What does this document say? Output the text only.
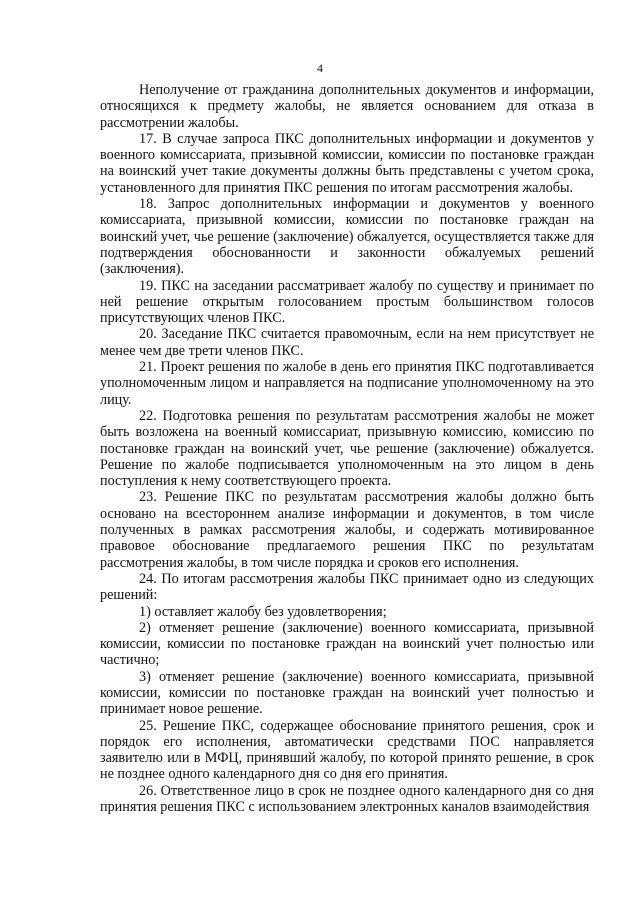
4

Неполучение от гражданина дополнительных документов и информации, относящихся к предмету жалобы, не является основанием для отказа в рассмотрении жалобы.

17. В случае запроса ПКС дополнительных информации и документов у военного комиссариата, призывной комиссии, комиссии по постановке граждан на воинский учет такие документы должны быть представлены с учетом срока, установленного для принятия ПКС решения по итогам рассмотрения жалобы.

18. Запрос дополнительных информации и документов у военного комиссариата, призывной комиссии, комиссии по постановке граждан на воинский учет, чье решение (заключение) обжалуется, осуществляется также для подтверждения обоснованности и законности обжалуемых решений (заключения).

19. ПКС на заседании рассматривает жалобу по существу и принимает по ней решение открытым голосованием простым большинством голосов присутствующих членов ПКС.

20. Заседание ПКС считается правомочным, если на нем присутствует не менее чем две трети членов ПКС.

21. Проект решения по жалобе в день его принятия ПКС подготавливается уполномоченным лицом и направляется на подписание уполномоченному на это лицу.

22. Подготовка решения по результатам рассмотрения жалобы не может быть возложена на военный комиссариат, призывную комиссию, комиссию по постановке граждан на воинский учет, чье решение (заключение) обжалуется. Решение по жалобе подписывается уполномоченным на это лицом в день поступления к нему соответствующего проекта.

23. Решение ПКС по результатам рассмотрения жалобы должно быть основано на всестороннем анализе информации и документов, в том числе полученных в рамках рассмотрения жалобы, и содержать мотивированное правовое обоснование предлагаемого решения ПКС по результатам рассмотрения жалобы, в том числе порядка и сроков его исполнения.

24. По итогам рассмотрения жалобы ПКС принимает одно из следующих решений:

1) оставляет жалобу без удовлетворения;

2) отменяет решение (заключение) военного комиссариата, призывной комиссии, комиссии по постановке граждан на воинский учет полностью или частично;

3) отменяет решение (заключение) военного комиссариата, призывной комиссии, комиссии по постановке граждан на воинский учет полностью и принимает новое решение.

25. Решение ПКС, содержащее обоснование принятого решения, срок и порядок его исполнения, автоматически средствами ПОС направляется заявителю или в МФЦ, принявший жалобу, по которой принято решение, в срок не позднее одного календарного дня со дня его принятия.

26. Ответственное лицо в срок не позднее одного календарного дня со дня принятия решения ПКС с использованием электронных каналов взаимодействия
